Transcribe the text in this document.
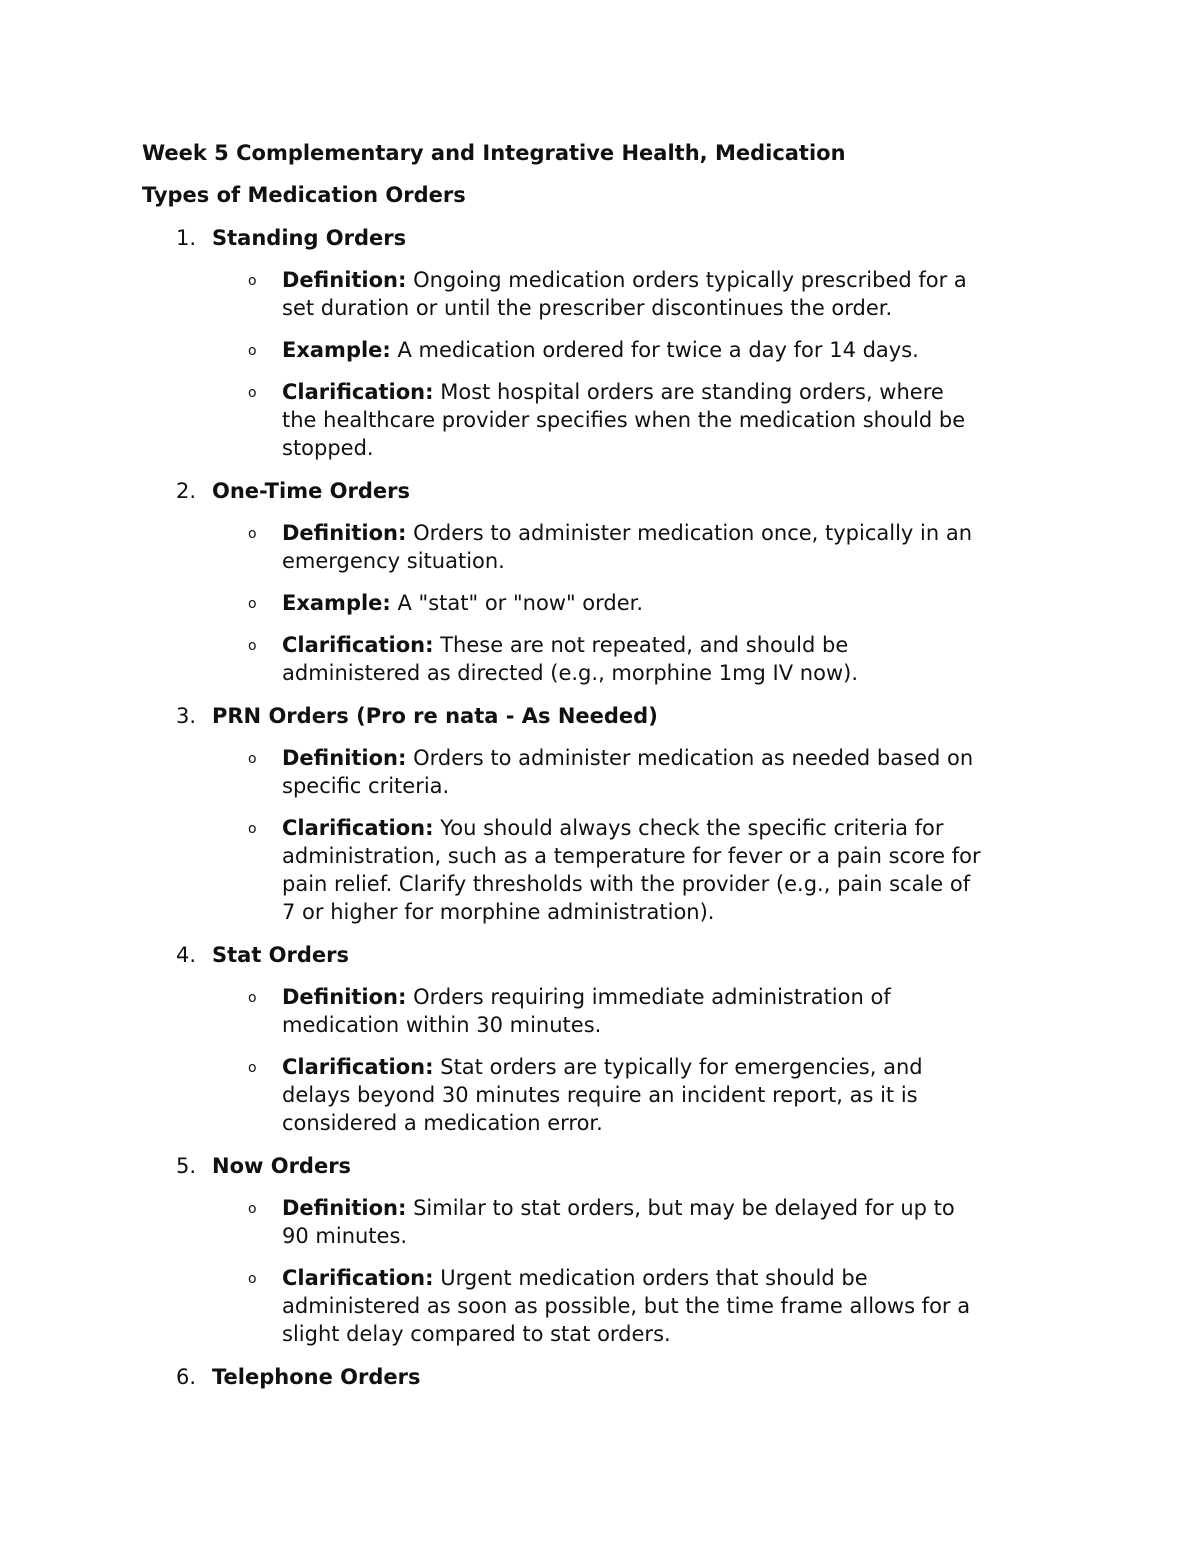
Week 5 Complementary and Integrative Health, Medication
Types of Medication Orders
1. Standing Orders
o Definition: Ongoing medication orders typically prescribed for a set duration or until the prescriber discontinues the order.
o Example: A medication ordered for twice a day for 14 days.
o Clarification: Most hospital orders are standing orders, where the healthcare provider specifies when the medication should be stopped.
2. One-Time Orders
o Definition: Orders to administer medication once, typically in an emergency situation.
o Example: A "stat" or "now" order.
o Clarification: These are not repeated, and should be administered as directed (e.g., morphine 1mg IV now).
3. PRN Orders (Pro re nata - As Needed)
o Definition: Orders to administer medication as needed based on specific criteria.
o Clarification: You should always check the specific criteria for administration, such as a temperature for fever or a pain score for pain relief. Clarify thresholds with the provider (e.g., pain scale of 7 or higher for morphine administration).
4. Stat Orders
o Definition: Orders requiring immediate administration of medication within 30 minutes.
o Clarification: Stat orders are typically for emergencies, and delays beyond 30 minutes require an incident report, as it is considered a medication error.
5. Now Orders
o Definition: Similar to stat orders, but may be delayed for up to 90 minutes.
o Clarification: Urgent medication orders that should be administered as soon as possible, but the time frame allows for a slight delay compared to stat orders.
6. Telephone Orders
